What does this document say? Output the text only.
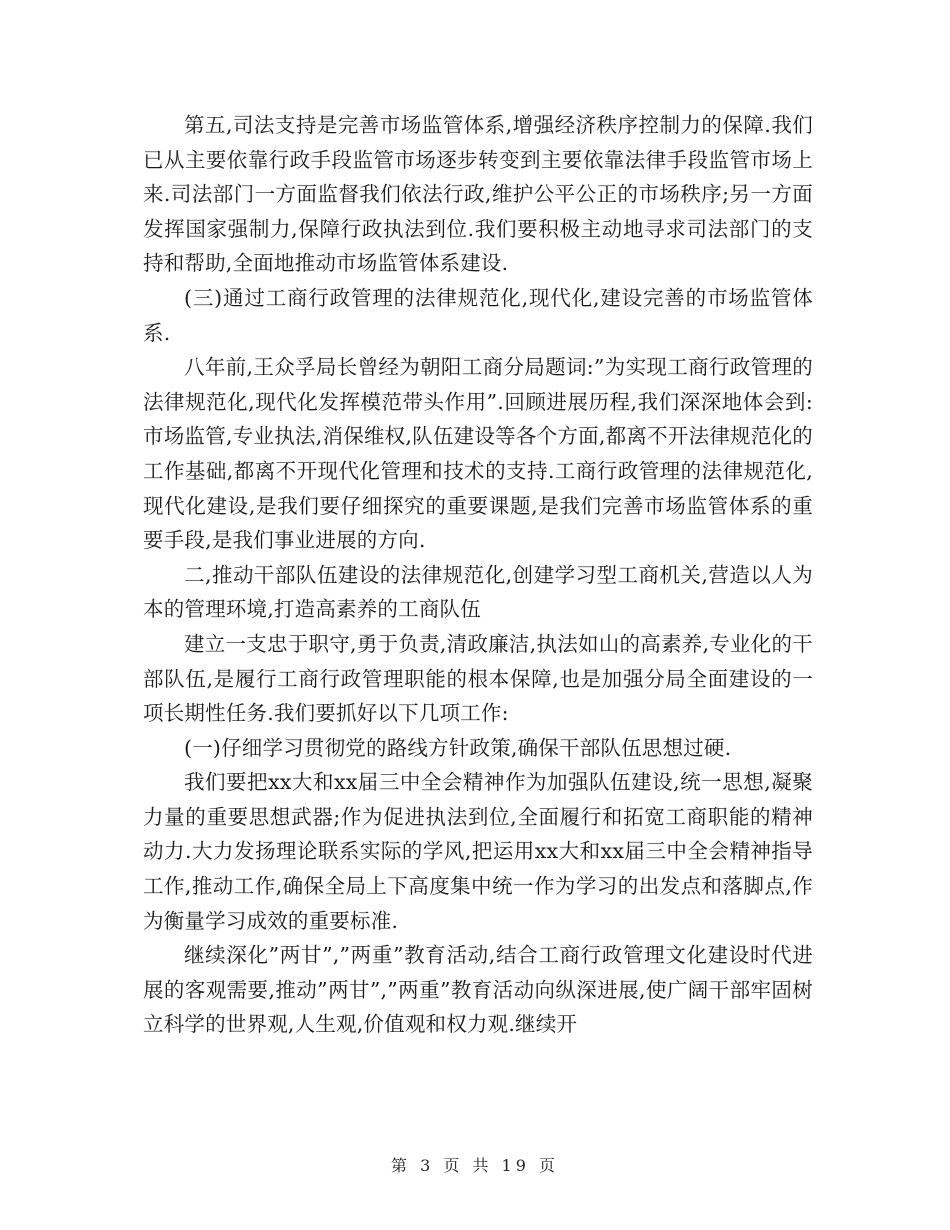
第五,司法支持是完善市场监管体系,增强经济秩序控制力的保障.我们已从主要依靠行政手段监管市场逐步转变到主要依靠法律手段监管市场上来.司法部门一方面监督我们依法行政,维护公平公正的市场秩序;另一方面发挥国家强制力,保障行政执法到位.我们要积极主动地寻求司法部门的支持和帮助,全面地推动市场监管体系建设.

(三)通过工商行政管理的法律规范化,现代化,建设完善的市场监管体系.

八年前,王众孚局长曾经为朝阳工商分局题词:”为实现工商行政管理的法律规范化,现代化发挥模范带头作用”.回顾进展历程,我们深深地体会到:市场监管,专业执法,消保维权,队伍建设等各个方面,都离不开法律规范化的工作基础,都离不开现代化管理和技术的支持.工商行政管理的法律规范化,现代化建设,是我们要仔细探究的重要课题,是我们完善市场监管体系的重要手段,是我们事业进展的方向.

二,推动干部队伍建设的法律规范化,创建学习型工商机关,营造以人为本的管理环境,打造高素养的工商队伍

建立一支忠于职守,勇于负责,清政廉洁,执法如山的高素养,专业化的干部队伍,是履行工商行政管理职能的根本保障,也是加强分局全面建设的一项长期性任务.我们要抓好以下几项工作:

(一)仔细学习贯彻党的路线方针政策,确保干部队伍思想过硬.

我们要把xx大和xx届三中全会精神作为加强队伍建设,统一思想,凝聚力量的重要思想武器;作为促进执法到位,全面履行和拓宽工商职能的精神动力.大力发扬理论联系实际的学风,把运用xx大和xx届三中全会精神指导工作,推动工作,确保全局上下高度集中统一作为学习的出发点和落脚点,作为衡量学习成效的重要标准.

继续深化”两甘”,”两重”教育活动,结合工商行政管理文化建设时代进展的客观需要,推动”两甘”,”两重”教育活动向纵深进展,使广阔干部牢固树立科学的世界观,人生观,价值观和权力观.继续开

第 3 页 共 19 页
